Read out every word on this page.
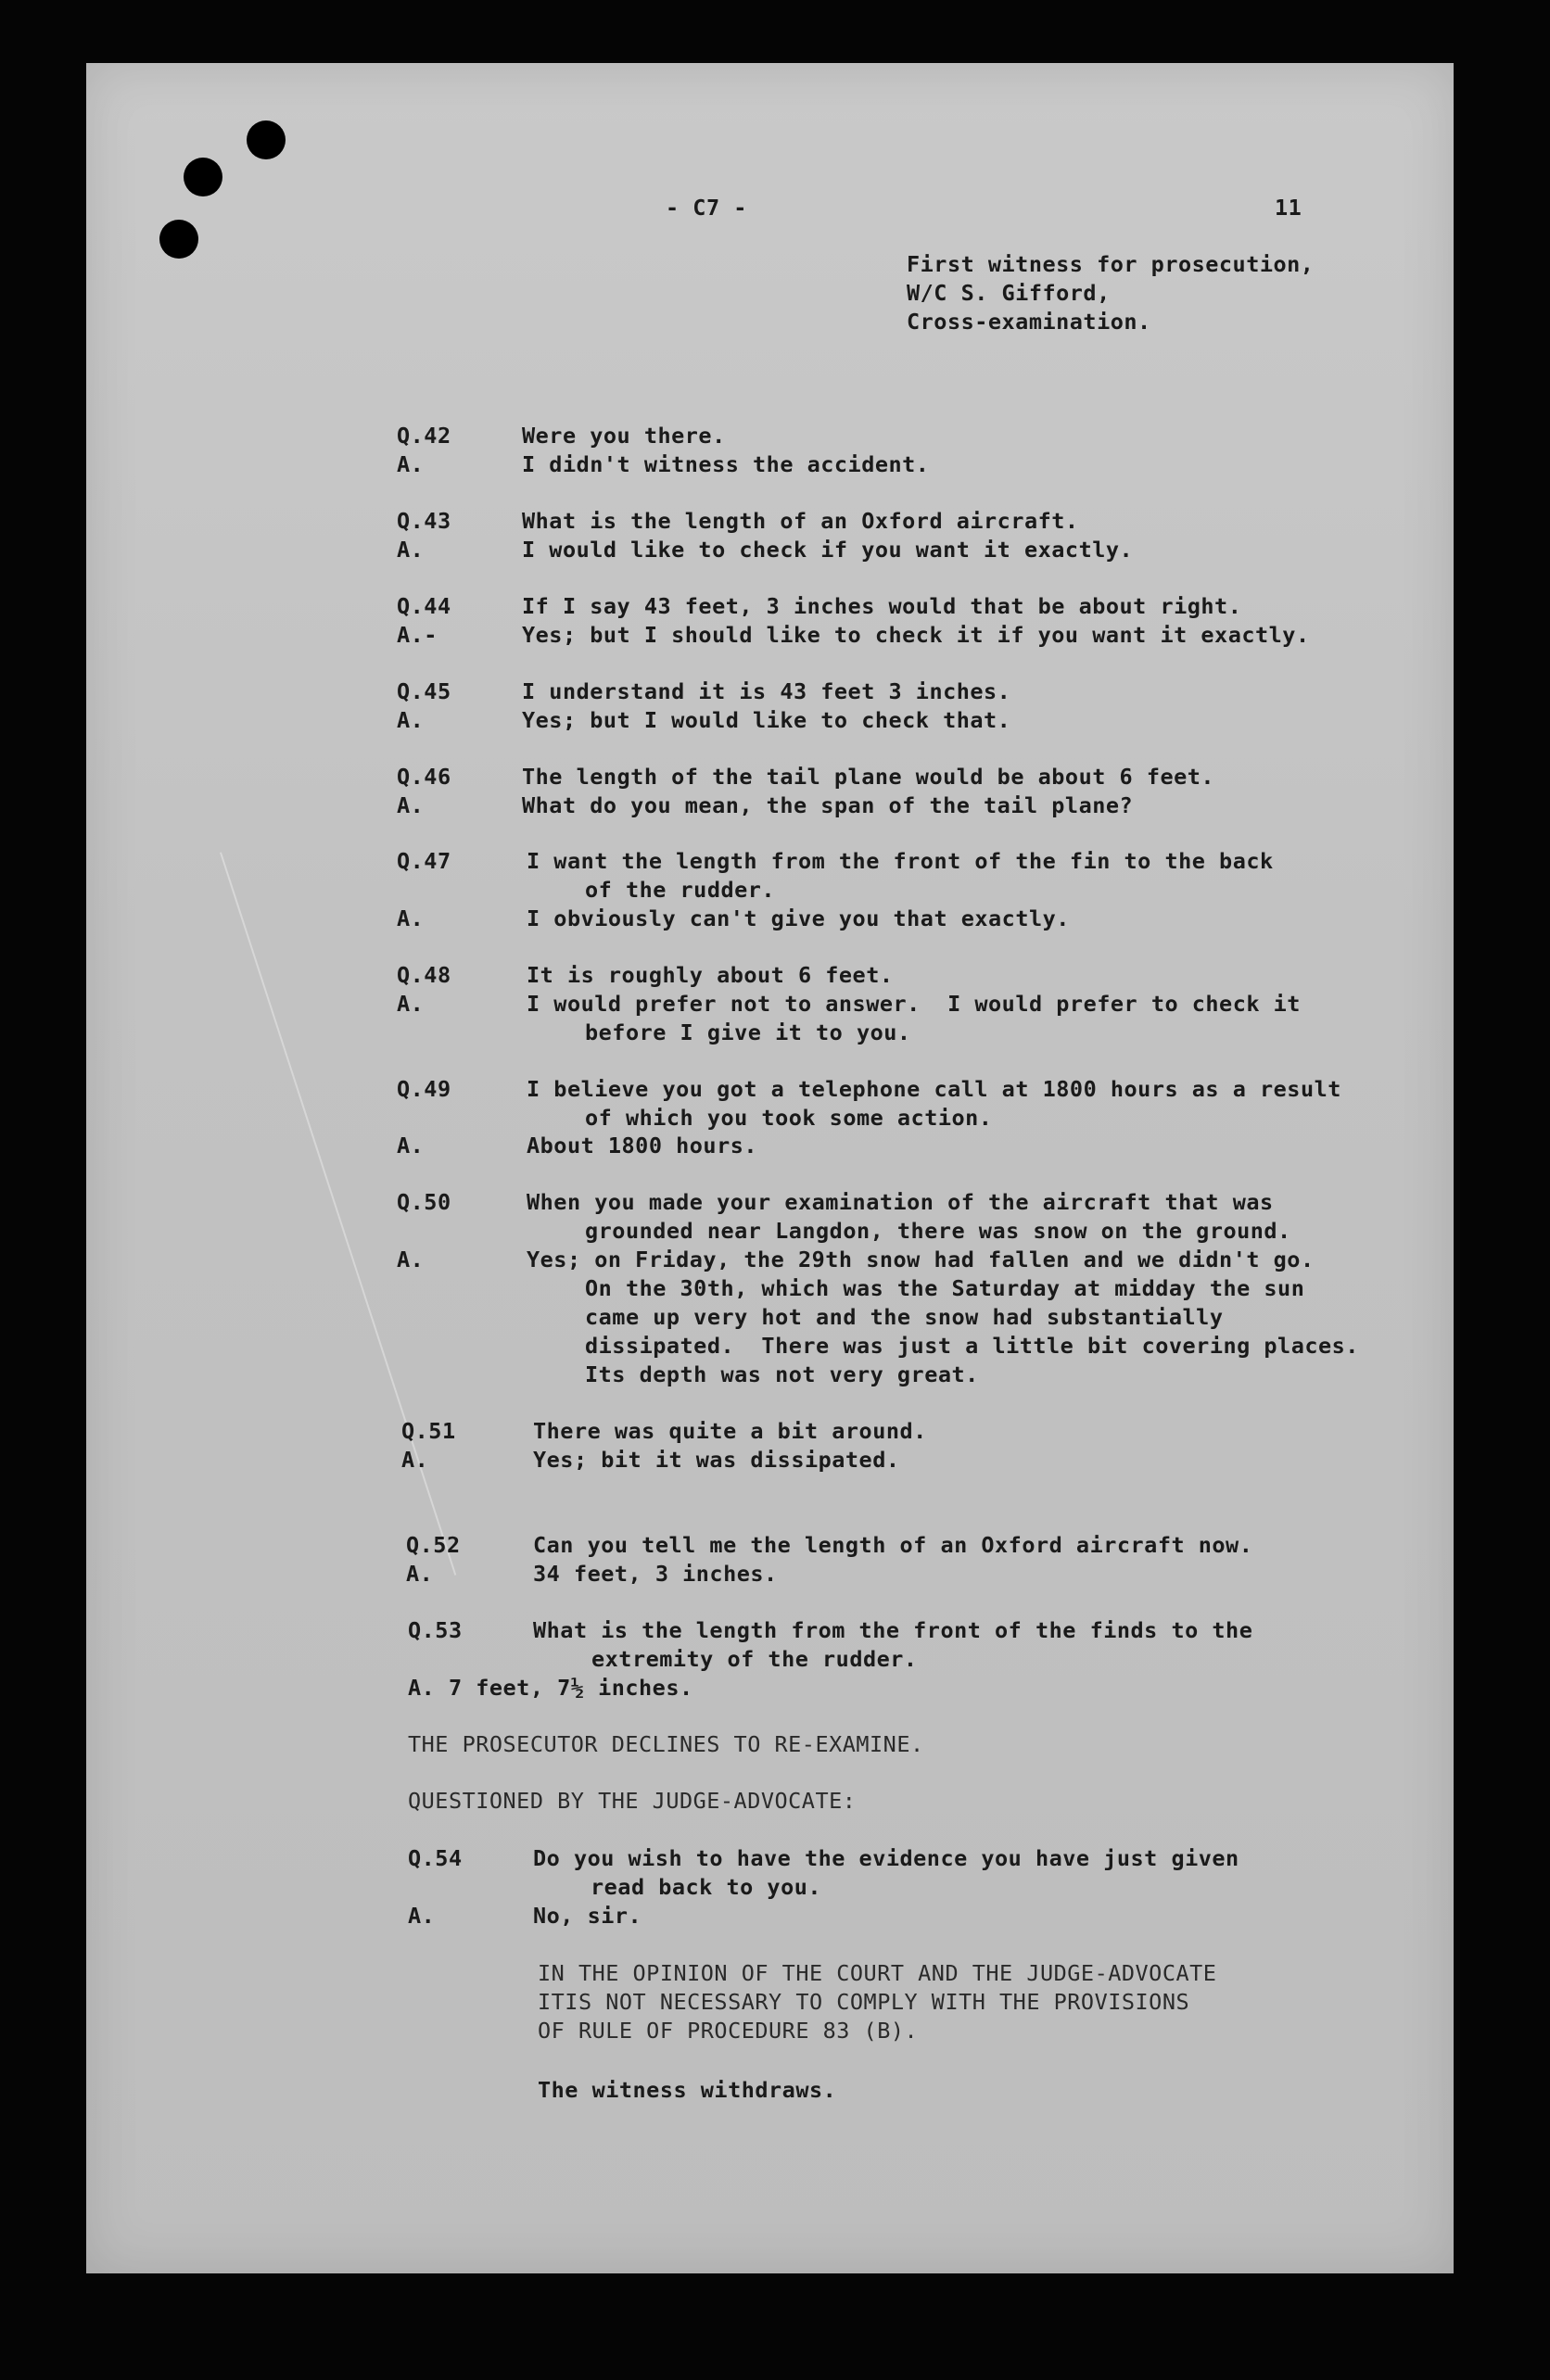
- C7 -	11
First witness for prosecution,
W/C S. Gifford,
Cross-examination.
Q.42	Were you there.
A.	I didn't witness the accident.
Q.43	What is the length of an Oxford aircraft.
A.	I would like to check if you want it exactly.
Q.44	If I say 43 feet, 3 inches would that be about right.
A.-	Yes; but I should like to check it if you want it exactly.
Q.45	I understand it is 43 feet 3 inches.
A.	Yes; but I would like to check that.
Q.46	The length of the tail plane would be about 6 feet.
A.	What do you mean, the span of the tail plane?
Q.47	I want the length from the front of the fin to the back
of the rudder.
A.	I obviously can't give you that exactly.
Q.48	It is roughly about 6 feet.
A.	I would prefer not to answer.  I would prefer to check it
before I give it to you.
Q.49	I believe you got a telephone call at 1800 hours as a result
of which you took some action.
A.	About 1800 hours.
Q.50	When you made your examination of the aircraft that was
grounded near Langdon, there was snow on the ground.
A.	Yes; on Friday, the 29th snow had fallen and we didn't go.
On the 30th, which was the Saturday at midday the sun
came up very hot and the snow had substantially
dissipated.  There was just a little bit covering places.
Its depth was not very great.
Q.51	There was quite a bit around.
A.	Yes; bit it was dissipated.
Q.52	Can you tell me the length of an Oxford aircraft now.
A.	34 feet, 3 inches.
Q.53	What is the length from the front of the finds to the
extremity of the rudder.
A. 7 feet, 7½ inches.
THE PROSECUTOR DECLINES TO RE-EXAMINE.
QUESTIONED BY THE JUDGE-ADVOCATE:
Q.54	Do you wish to have the evidence you have just given
read back to you.
A.	No, sir.
IN THE OPINION OF THE COURT AND THE JUDGE-ADVOCATE
ITIS NOT NECESSARY TO COMPLY WITH THE PROVISIONS
OF RULE OF PROCEDURE 83 (B).
The witness withdraws.
